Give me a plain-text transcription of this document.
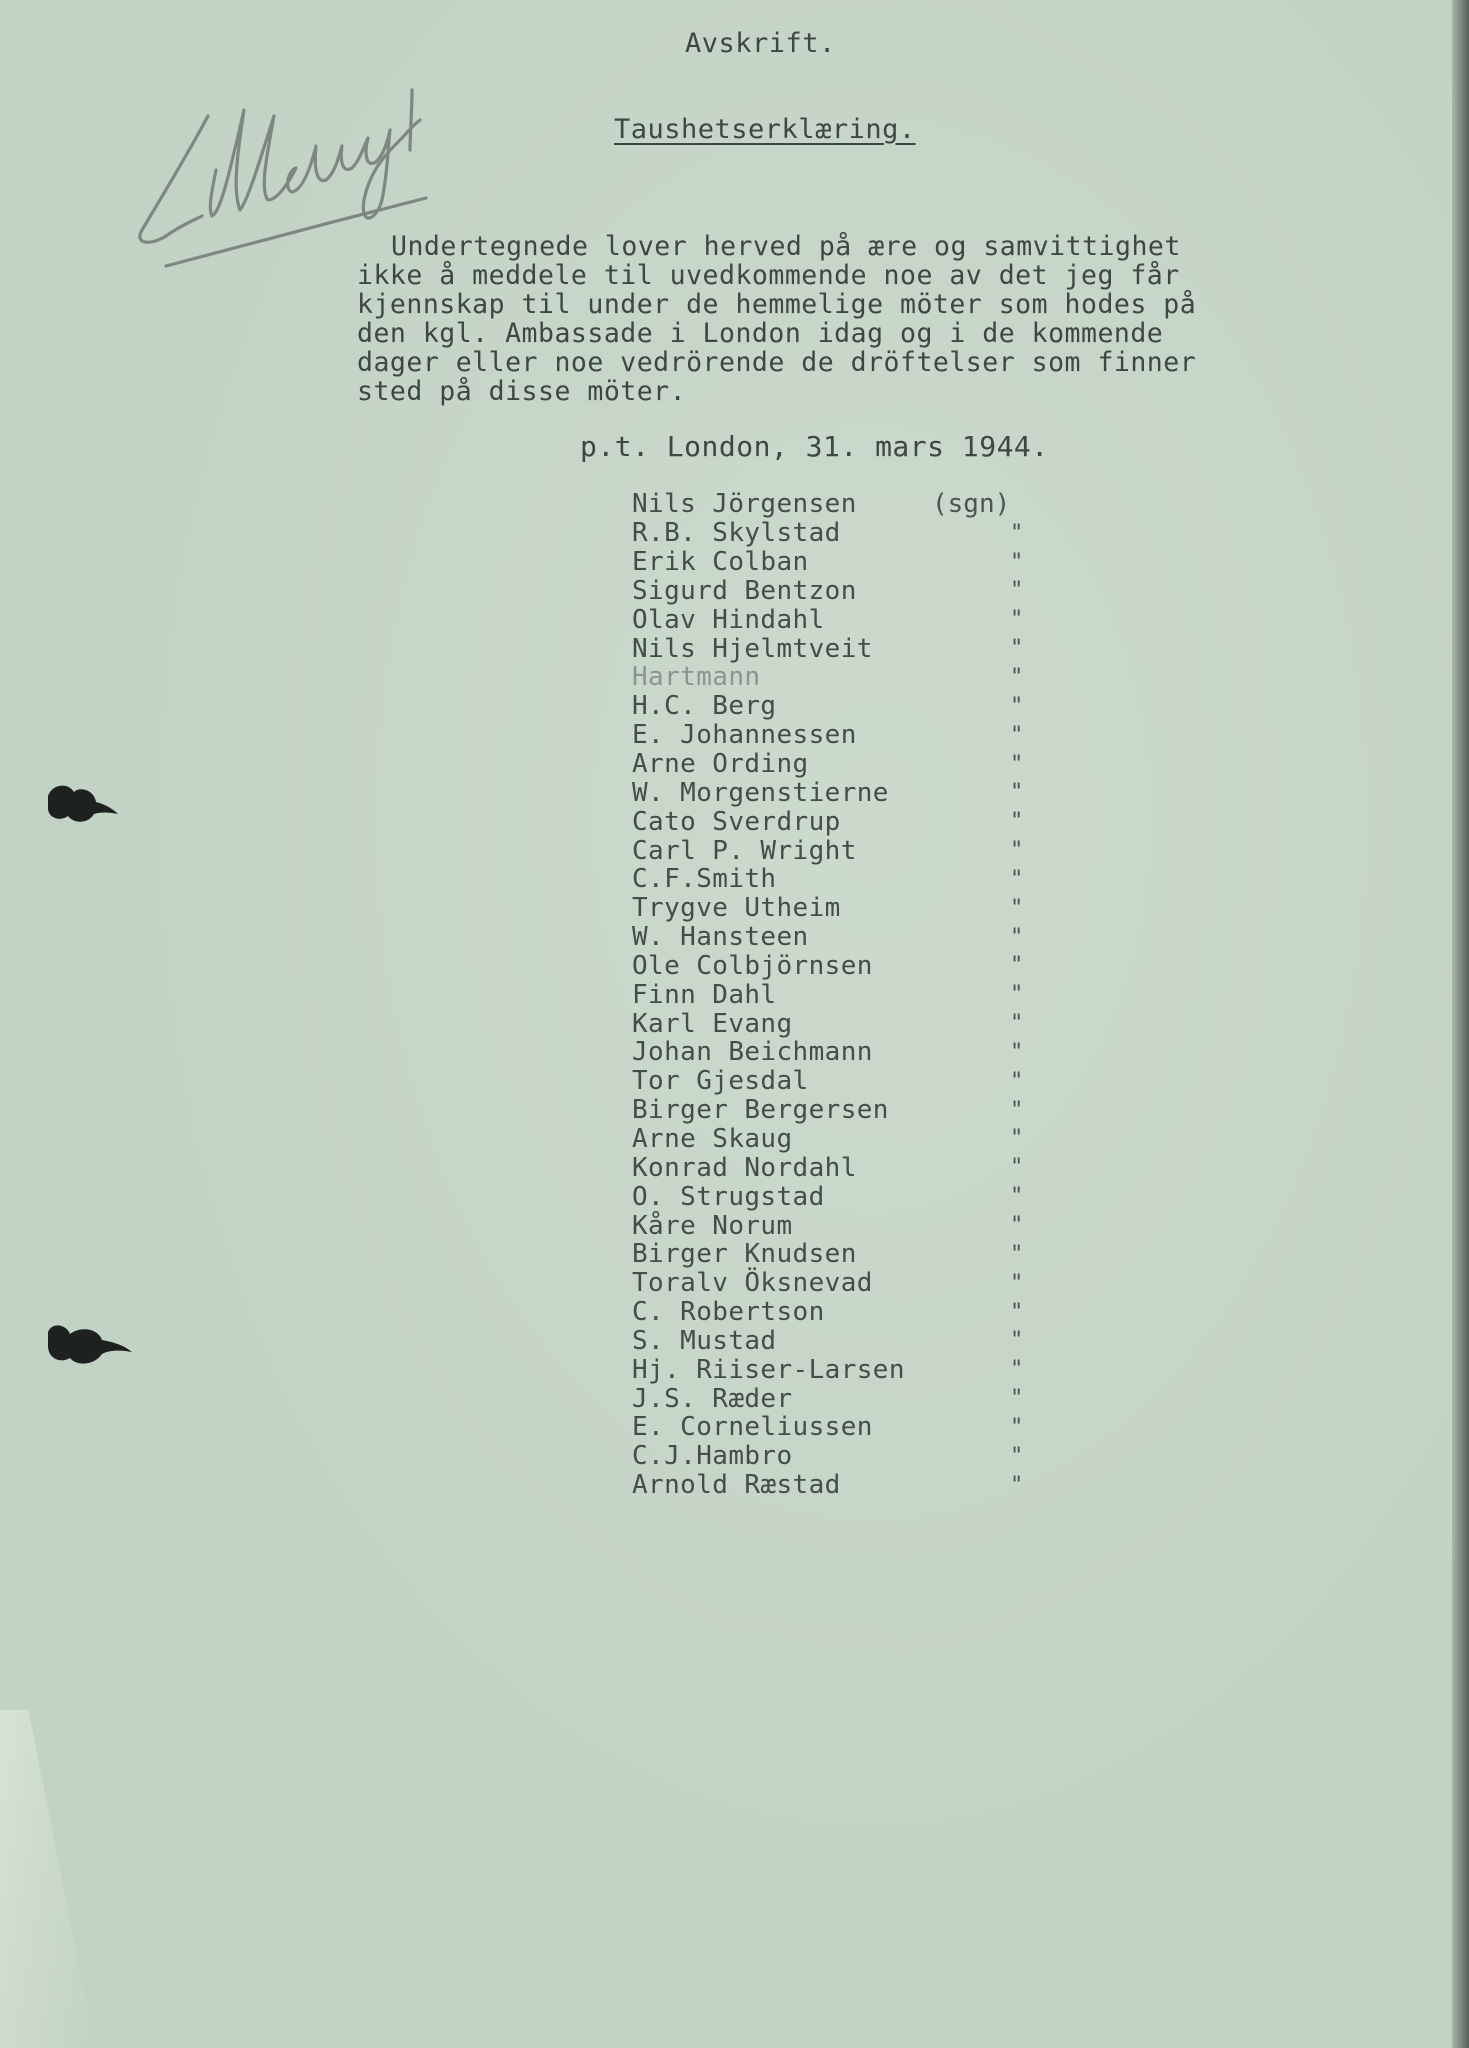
Avskrift.
Taushetserklæring.
Undertegnede lover herved på ære og samvittighet
ikke å meddele til uvedkommende noe av det jeg får
kjennskap til under de hemmelige möter som hodes på
den kgl. Ambassade i London idag og i de kommende
dager eller noe vedrörende de dröftelser som finner
sted på disse möter.
p.t. London, 31. mars 1944.
Nils Jörgensen	(sgn)
R.B. Skylstad	"
Erik Colban	"
Sigurd Bentzon	"
Olav Hindahl	"
Nils Hjelmtveit	"
Hartmann	"
H.C. Berg	"
E. Johannessen	"
Arne Ording	"
W. Morgenstierne	"
Cato Sverdrup	"
Carl P. Wright	"
C.F.Smith	"
Trygve Utheim	"
W. Hansteen	"
Ole Colbjörnsen	"
Finn Dahl	"
Karl Evang	"
Johan Beichmann	"
Tor Gjesdal	"
Birger Bergersen	"
Arne Skaug	"
Konrad Nordahl	"
O. Strugstad	"
Kåre Norum	"
Birger Knudsen	"
Toralv Öksnevad	"
C. Robertson	"
S. Mustad	"
Hj. Riiser-Larsen	"
J.S. Ræder	"
E. Corneliussen	"
C.J.Hambro	"
Arnold Ræstad	"
